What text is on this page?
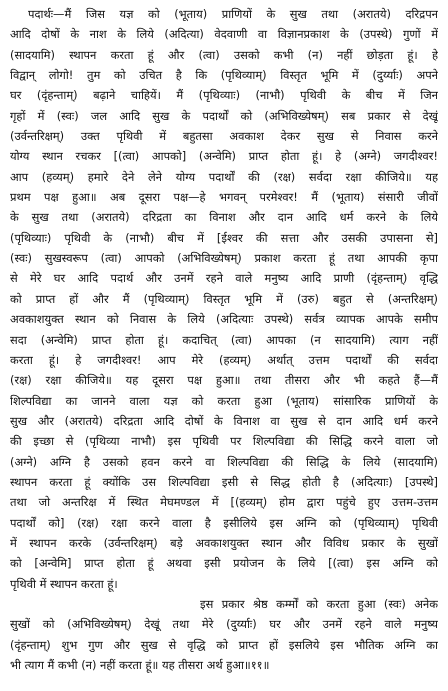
पदार्थः—मैं जिस यज्ञ को (भूताय) प्राणियों के सुख तथा (अरातये) दरिद्रपन
आदि दोषों के नाश के लिये (अदित्या) वेदवाणी वा विज्ञानप्रकाश के (उपस्थे) गुणों में
(सादयामि) स्थापन करता हूं और (त्वा) उसको कभी (न) नहीं छोड़ता हूं। हे
विद्वान् लोगो! तुम को उचित है कि (पृथिव्याम्) विस्तृत भूमि में (दुर्य्याः) अपने
घर (दृंहन्ताम्) बढ़ाने चाहियें। मैं (पृथिव्याः) (नाभौ) पृथिवी के बीच में जिन
गृहों में (स्वः) जल आदि सुख के पदार्थों को (अभिविख्येषम्) सब प्रकार से देखूं
(उर्वन्तरिक्षम्) उक्त पृथिवी में बहुतसा अवकाश देकर सुख से निवास करने
योग्य स्थान रचकर [(त्वा) आपको] (अन्वेमि) प्राप्त होता हूं। हे (अग्ने) जगदीश्वर!
आप (हव्यम्) हमारे देने लेने योग्य पदार्थों की (रक्ष) सर्वदा रक्षा कीजिये॥ यह
प्रथम पक्ष हुआ॥ अब दूसरा पक्ष—हे भगवन् परमेश्वर! मैं (भूताय) संसारी जीवों
के सुख तथा (अरातये) दरिद्रता का विनाश और दान आदि धर्म करने के लिये
(पृथिव्याः) पृथिवी के (नाभौ) बीच में [ईश्वर की सत्ता और उसकी उपासना से]
(स्वः) सुखस्वरूप (त्वा) आपको (अभिविख्येषम्) प्रकाश करता हूं तथा आपकी कृपा
से मेरे घर आदि पदार्थ और उनमें रहने वाले मनुष्य आदि प्राणी (दृंहन्ताम्) वृद्धि
को प्राप्त हों और मैं (पृथिव्याम्) विस्तृत भूमि में (उरु) बहुत से (अन्तरिक्षम्)
अवकाशयुक्त स्थान को निवास के लिये (अदित्याः उपस्थे) सर्वत्र व्यापक आपके समीप
सदा (अन्वेमि) प्राप्त होता हूं। कदाचित् (त्वा) आपका (न सादयामि) त्याग नहीं
करता हूं। हे जगदीश्वर! आप मेरे (हव्यम्) अर्थात् उत्तम पदार्थों की सर्वदा
(रक्ष) रक्षा कीजिये॥ यह दूसरा पक्ष हुआ॥ तथा तीसरा और भी कहते हैं—मैं
शिल्पविद्या का जानने वाला यज्ञ को करता हुआ (भूताय) सांसारिक प्राणियों के
सुख और (अरातये) दरिद्रता आदि दोषों के विनाश वा सुख से दान आदि धर्म करने
की इच्छा से (पृथिव्या नाभौ) इस पृथिवी पर शिल्पविद्या की सिद्धि करने वाला जो
(अग्ने) अग्नि है उसको हवन करने वा शिल्पविद्या की सिद्धि के लिये (सादयामि)
स्थापन करता हूं क्योंकि उस शिल्पविद्या इसी से सिद्ध होती है (अदित्याः) [उपस्थे]
तथा जो अन्तरिक्ष में स्थित मेघमण्डल में [(हव्यम्) होम द्वारा पहुंचे हुए उत्तम-उत्तम
पदार्थों को] (रक्ष) रक्षा करने वाला है इसीलिये इस अग्नि को (पृथिव्याम्) पृथिवी
में स्थापन करके (उर्वन्तरिक्षम्) बड़े अवकाशयुक्त स्थान और विविध प्रकार के सुखों
को [अन्वेमि] प्राप्त होता हूं अथवा इसी प्रयोजन के लिये [(त्वा) इस अग्नि को
पृथिवी में स्थापन करता हूं।
इस प्रकार श्रेष्ठ कर्म्मों को करता हुआ (स्वः) अनेक
सुखों को (अभिविख्येषम्) देखूं तथा मेरे (दुर्य्याः) घर और उनमें रहने वाले मनुष्य
(दृंहन्ताम्) शुभ गुण और सुख से वृद्धि को प्राप्त हों इसलिये इस भौतिक अग्नि का
भी त्याग मैं कभी (न) नहीं करता हूं॥ यह तीसरा अर्थ हुआ॥११॥
